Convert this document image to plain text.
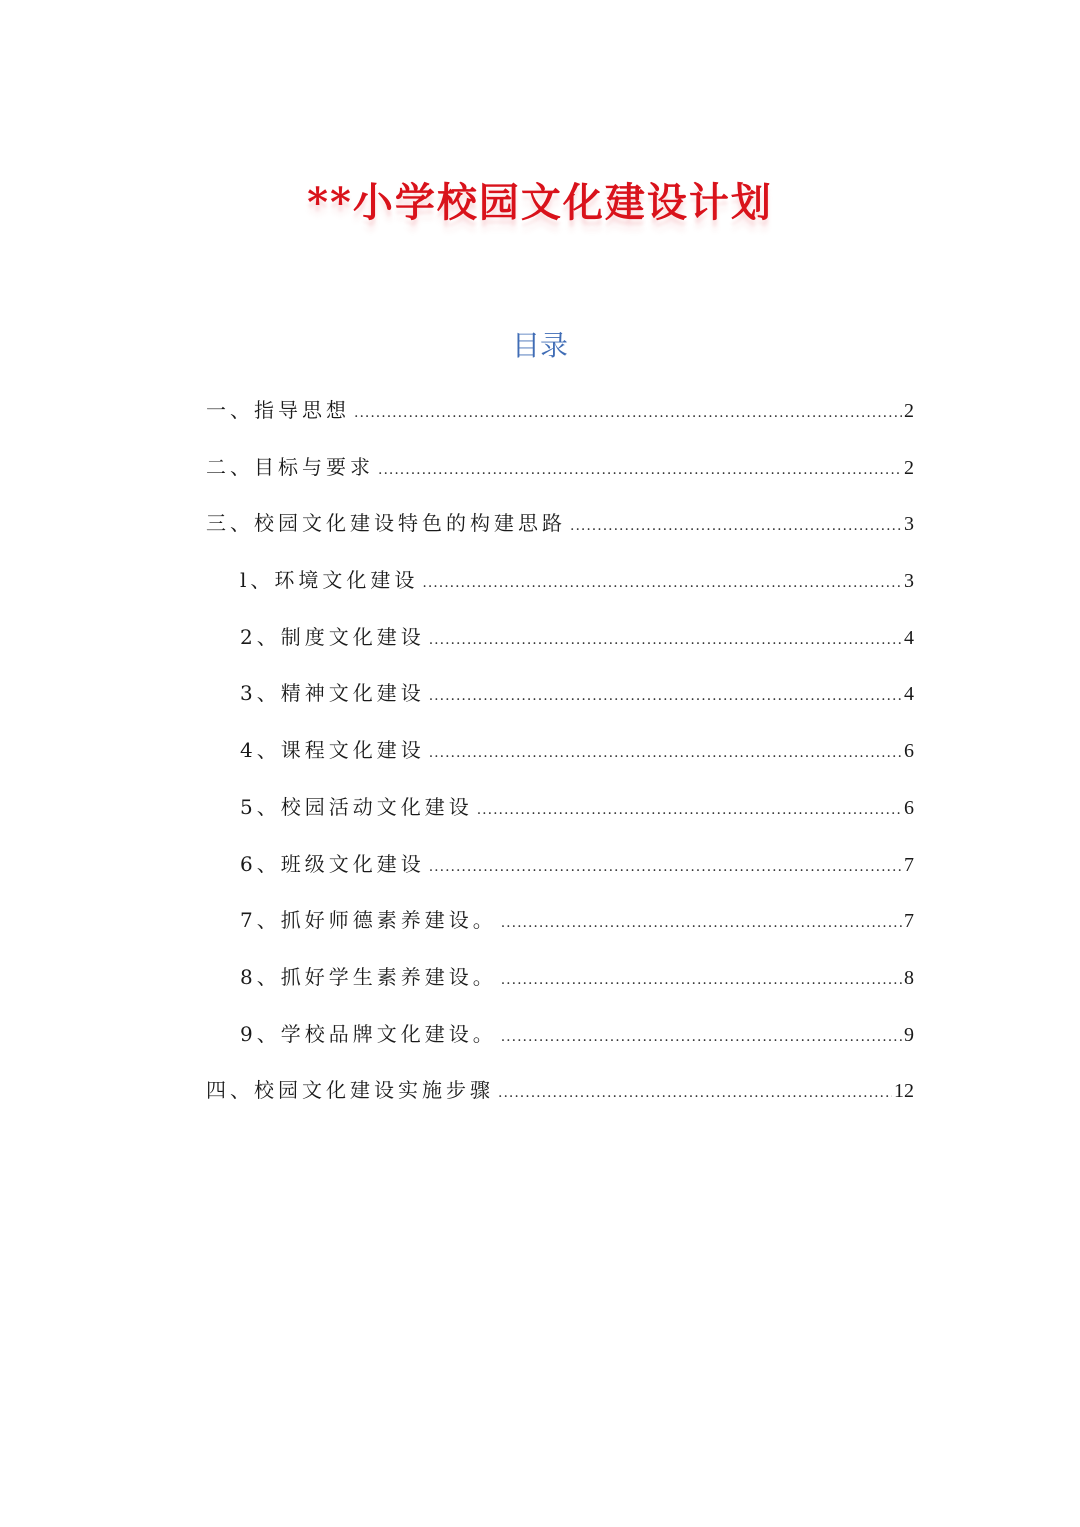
**小学校园文化建设计划
目录
一、指导思想 .....	2
二、目标与要求 .....	2
三、校园文化建设特色的构建思路 .....	3
l、环境文化建设 .....	3
2、制度文化建设 .....	4
3、精神文化建设 .....	4
4、课程文化建设 .....	6
5、校园活动文化建设 .....	6
6、班级文化建设 .....	7
7、抓好师德素养建设。 .....	7
8、抓好学生素养建设。 .....	8
9、学校品牌文化建设。 .....	9
四、校园文化建设实施步骤 .....	12
